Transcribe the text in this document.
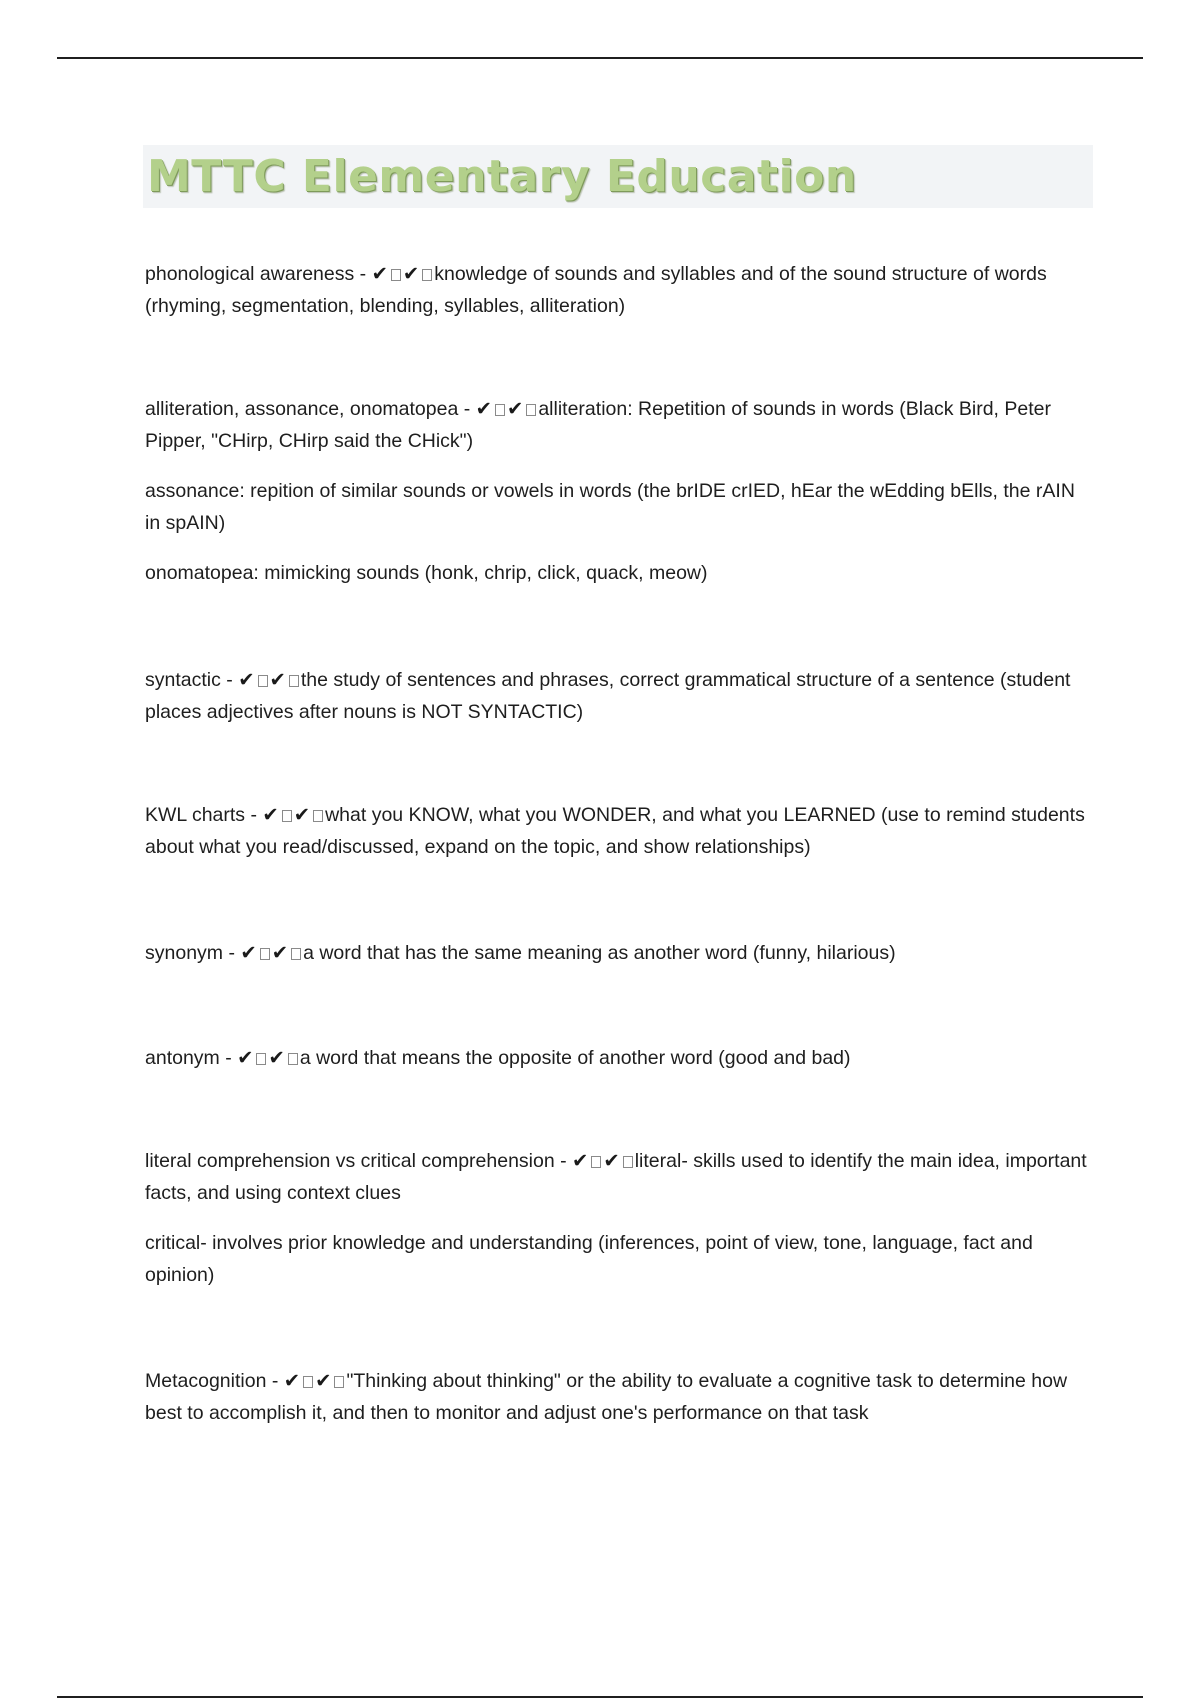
MTTC Elementary Education

phonological awareness - ✔ ✔ knowledge of sounds and syllables and of the sound structure of words (rhyming, segmentation, blending, syllables, alliteration)

alliteration, assonance, onomatopea - ✔ ✔ alliteration: Repetition of sounds in words (Black Bird, Peter Pipper, "CHirp, CHirp said the CHick")

assonance: repition of similar sounds or vowels in words (the brIDE crIED, hEar the wEdding bElls, the rAIN in spAIN)

onomatopea: mimicking sounds (honk, chrip, click, quack, meow)

syntactic - ✔ ✔ the study of sentences and phrases, correct grammatical structure of a sentence (student places adjectives after nouns is NOT SYNTACTIC)

KWL charts - ✔ ✔ what you KNOW, what you WONDER, and what you LEARNED (use to remind students about what you read/discussed, expand on the topic, and show relationships)

synonym - ✔ ✔ a word that has the same meaning as another word (funny, hilarious)

antonym - ✔ ✔ a word that means the opposite of another word (good and bad)

literal comprehension vs critical comprehension - ✔ ✔ literal- skills used to identify the main idea, important facts, and using context clues

critical- involves prior knowledge and understanding (inferences, point of view, tone, language, fact and opinion)

Metacognition - ✔ ✔ "Thinking about thinking" or the ability to evaluate a cognitive task to determine how best to accomplish it, and then to monitor and adjust one's performance on that task
